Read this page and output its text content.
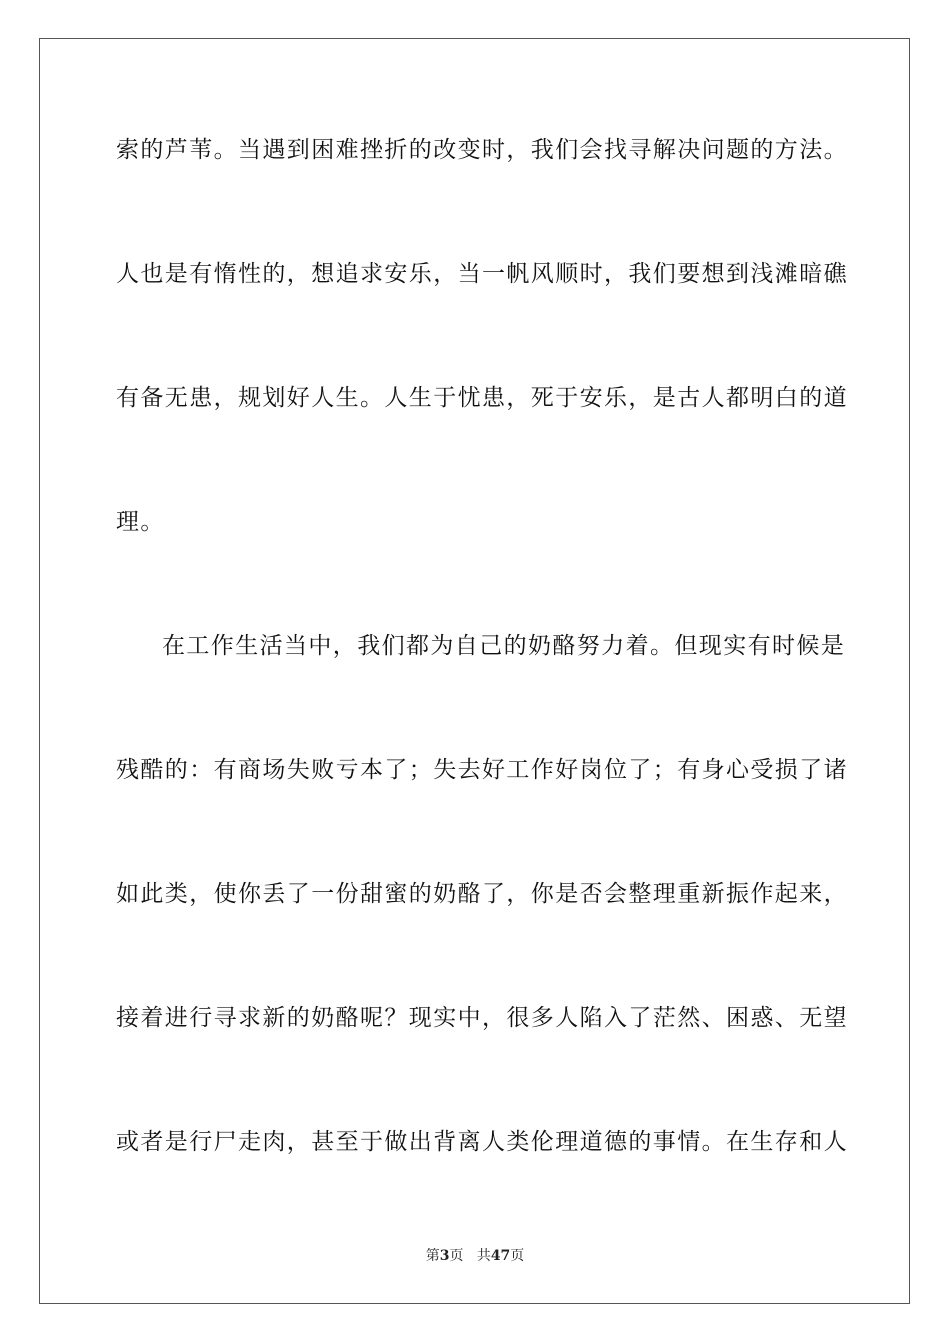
索的芦苇。当遇到困难挫折的改变时，我们会找寻解决问题的方法。
人也是有惰性的，想追求安乐，当一帆风顺时，我们要想到浅滩暗礁
有备无患，规划好人生。人生于忧患，死于安乐，是古人都明白的道
理。
在工作生活当中，我们都为自己的奶酪努力着。但现实有时候是
残酷的：有商场失败亏本了；失去好工作好岗位了；有身心受损了诸
如此类，使你丢了一份甜蜜的奶酪了，你是否会整理重新振作起来，
接着进行寻求新的奶酪呢？现实中，很多人陷入了茫然、困惑、无望
或者是行尸走肉，甚至于做出背离人类伦理道德的事情。在生存和人
第3页 共47页
